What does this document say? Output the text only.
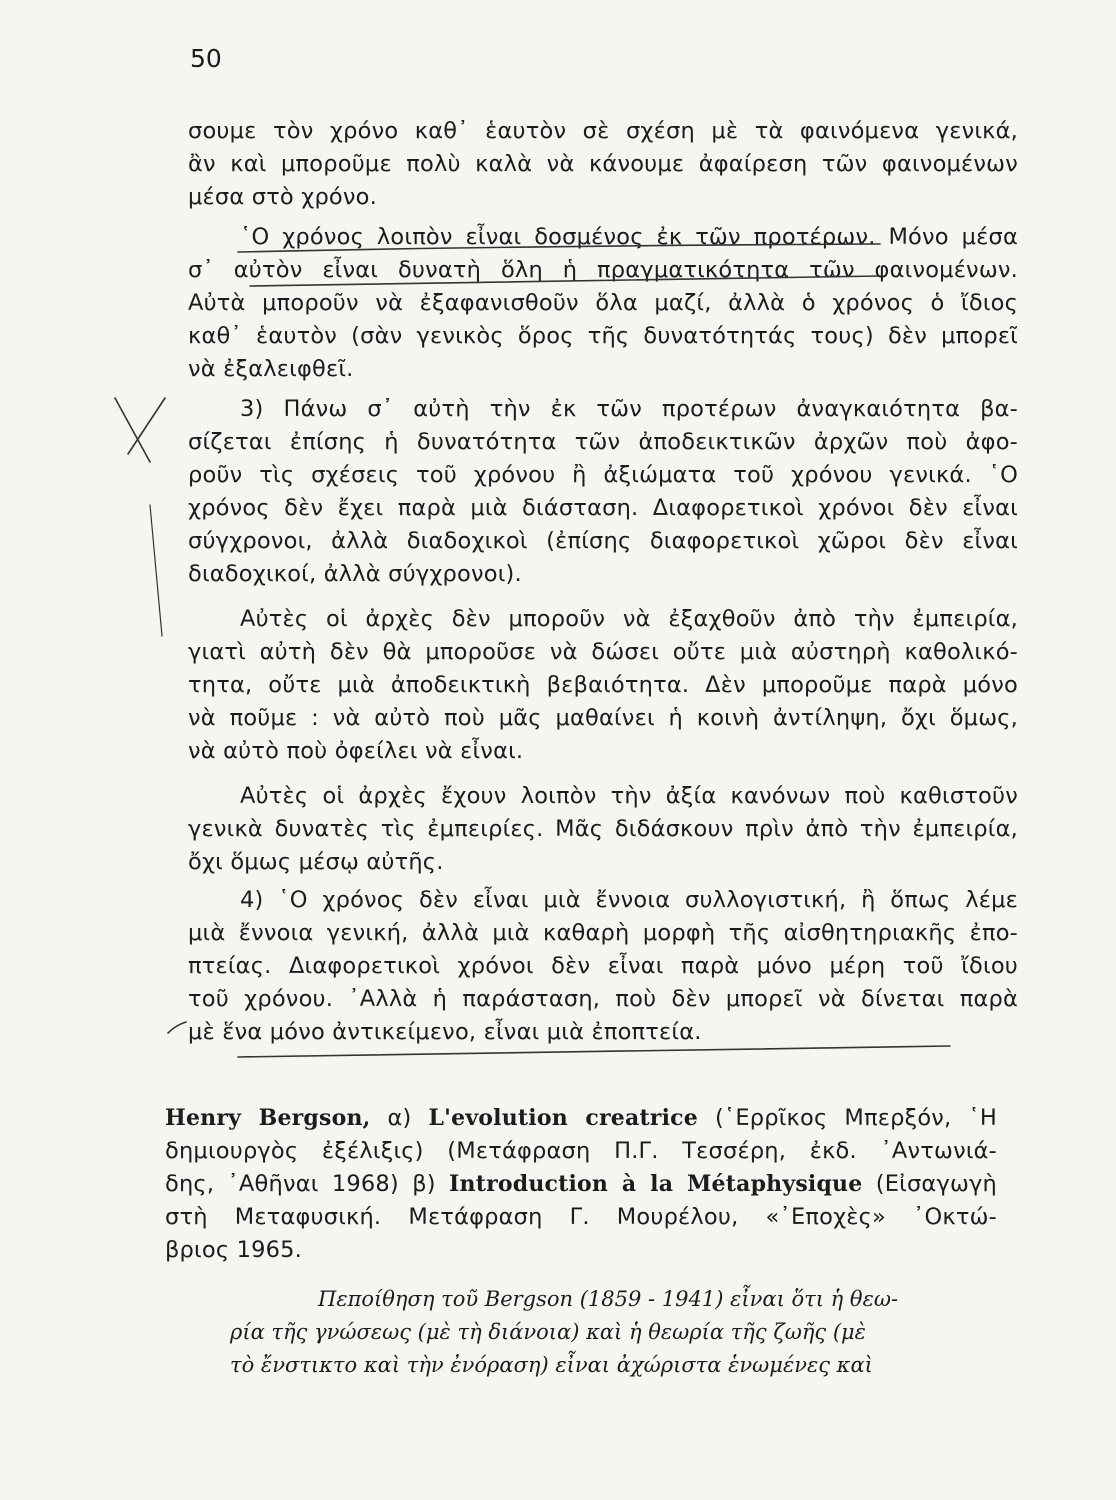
50
σουμε τὸν χρόνο καθ᾽ ἑαυτὸν σὲ σχέση μὲ τὰ φαινόμενα γενικά,
ἂν καὶ μποροῦμε πολὺ καλὰ νὰ κάνουμε ἀφαίρεση τῶν φαινομένων
μέσα στὸ χρόνο.
῾Ο χρόνος λοιπὸν εἶναι δοσμένος ἐκ τῶν προτέρων. Μόνο μέσα
σ᾽ αὐτὸν εἶναι δυνατὴ ὅλη ἡ πραγματικότητα τῶν φαινομένων.
Αὐτὰ μποροῦν νὰ ἐξαφανισθοῦν ὅλα μαζί, ἀλλὰ ὁ χρόνος ὁ ἴδιος
καθ᾽ ἑαυτὸν (σὰν γενικὸς ὅρος τῆς δυνατότητάς τους) δὲν μπορεῖ
νὰ ἐξαλειφθεῖ.
3) Πάνω σ᾽ αὐτὴ τὴν ἐκ τῶν προτέρων ἀναγκαιότητα βα-
σίζεται ἐπίσης ἡ δυνατότητα τῶν ἀποδεικτικῶν ἀρχῶν ποὺ ἀφο-
ροῦν τὶς σχέσεις τοῦ χρόνου ἢ ἀξιώματα τοῦ χρόνου γενικά. ῾Ο
χρόνος δὲν ἔχει παρὰ μιὰ διάσταση. Διαφορετικοὶ χρόνοι δὲν εἶναι
σύγχρονοι, ἀλλὰ διαδοχικοὶ (ἐπίσης διαφορετικοὶ χῶροι δὲν εἶναι
διαδοχικοί, ἀλλὰ σύγχρονοι).
Αὐτὲς οἱ ἀρχὲς δὲν μποροῦν νὰ ἐξαχθοῦν ἀπὸ τὴν ἐμπειρία,
γιατὶ αὐτὴ δὲν θὰ μποροῦσε νὰ δώσει οὔτε μιὰ αὐστηρὴ καθολικό-
τητα, οὔτε μιὰ ἀποδεικτικὴ βεβαιότητα. Δὲν μποροῦμε παρὰ μόνο
νὰ ποῦμε : νὰ αὐτὸ ποὺ μᾶς μαθαίνει ἡ κοινὴ ἀντίληψη, ὄχι ὅμως,
νὰ αὐτὸ ποὺ ὀφείλει νὰ εἶναι.
Αὐτὲς οἱ ἀρχὲς ἔχουν λοιπὸν τὴν ἀξία κανόνων ποὺ καθιστοῦν
γενικὰ δυνατὲς τὶς ἐμπειρίες. Μᾶς διδάσκουν πρὶν ἀπὸ τὴν ἐμπειρία,
ὄχι ὅμως μέσῳ αὐτῆς.
4) ῾Ο χρόνος δὲν εἶναι μιὰ ἔννοια συλλογιστική, ἢ ὅπως λέμε
μιὰ ἔννοια γενική, ἀλλὰ μιὰ καθαρὴ μορφὴ τῆς αἰσθητηριακῆς ἐπο-
πτείας. Διαφορετικοὶ χρόνοι δὲν εἶναι παρὰ μόνο μέρη τοῦ ἴδιου
τοῦ χρόνου. ᾿Αλλὰ ἡ παράσταση, ποὺ δὲν μπορεῖ νὰ δίνεται παρὰ
μὲ ἕνα μόνο ἀντικείμενο, εἶναι μιὰ ἐποπτεία.
Henry Bergson, α) L'evolution creatrice (῾Ερρῖκος Μπερξόν, ῾Η
δημιουργὸς ἐξέλιξις) (Μετάφραση Π.Γ. Τεσσέρη, ἐκδ. ᾿Αντωνιά-
δης, ᾿Αθῆναι 1968) β) Introduction à la Métaphysique (Εἰσαγωγὴ
στὴ Μεταφυσική. Μετάφραση Γ. Μουρέλου, «᾿Εποχὲς» ᾿Οκτώ-
βριος 1965.
Πεποίθηση τοῦ Bergson (1859 - 1941) εἶναι ὅτι ἡ θεω-
ρία τῆς γνώσεως (μὲ τὴ διάνοια) καὶ ἡ θεωρία τῆς ζωῆς (μὲ
τὸ ἔνστικτο καὶ τὴν ἐνόραση) εἶναι ἀχώριστα ἑνωμένες καὶ
